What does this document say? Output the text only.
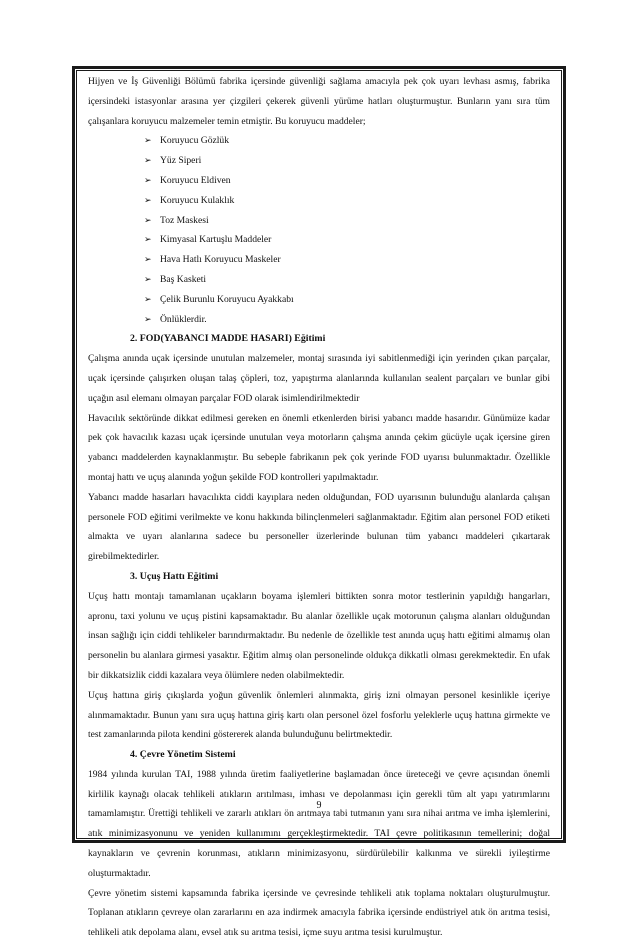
Hijyen ve İş Güvenliği Bölümü fabrika içersinde güvenliği sağlama amacıyla pek çok uyarı levhası asmış, fabrika içersindeki istasyonlar arasına yer çizgileri çekerek güvenli yürüme hatları oluşturmuştur. Bunların yanı sıra tüm çalışanlara koruyucu malzemeler temin etmiştir. Bu koruyucu maddeler;

➢ Koruyucu Gözlük
➢ Yüz Siperi
➢ Koruyucu Eldiven
➢ Koruyucu Kulaklık
➢ Toz Maskesi
➢ Kimyasal Kartuşlu Maddeler
➢ Hava Hatlı Koruyucu Maskeler
➢ Baş Kasketi
➢ Çelik Burunlu Koruyucu Ayakkabı
➢ Önlüklerdir.
2. FOD(YABANCI MADDE HASARI) Eğitimi

Çalışma anında uçak içersinde unutulan malzemeler, montaj sırasında iyi sabitlenmediği için yerinden çıkan parçalar, uçak içersinde çalışırken oluşan talaş çöpleri, toz, yapıştırma alanlarında kullanılan sealent parçaları ve bunlar gibi uçağın asıl elemanı olmayan parçalar FOD olarak isimlendirilmektedir

Havacılık sektöründe dikkat edilmesi gereken en önemli etkenlerden birisi yabancı madde hasarıdır. Günümüze kadar pek çok havacılık kazası uçak içersinde unutulan veya motorların çalışma anında çekim gücüyle uçak içersine giren yabancı maddelerden kaynaklanmıştır. Bu sebeple fabrikanın pek çok yerinde FOD uyarısı bulunmaktadır. Özellikle montaj hattı ve uçuş alanında yoğun şekilde FOD kontrolleri yapılmaktadır.

Yabancı madde hasarları havacılıkta ciddi kayıplara neden olduğundan, FOD uyarısının bulunduğu alanlarda çalışan personele FOD eğitimi verilmekte ve konu hakkında bilinçlenmeleri sağlanmaktadır. Eğitim alan personel FOD etiketi almakta ve uyarı alanlarına sadece bu personeller üzerlerinde bulunan tüm yabancı maddeleri çıkartarak girebilmektedirler.

3. Uçuş Hattı Eğitimi

Uçuş hattı montajı tamamlanan uçakların boyama işlemleri bittikten sonra motor testlerinin yapıldığı hangarları, apronu, taxi yolunu ve uçuş pistini kapsamaktadır. Bu alanlar özellikle uçak motorunun çalışma alanları olduğundan insan sağlığı için ciddi tehlikeler barındırmaktadır. Bu nedenle de özellikle test anında uçuş hattı eğitimi almamış olan personelin bu alanlara girmesi yasaktır. Eğitim almış olan personelinde oldukça dikkatli olması gerekmektedir. En ufak bir dikkatsizlik ciddi kazalara veya ölümlere neden olabilmektedir.

Uçuş hattına giriş çıkışlarda yoğun güvenlik önlemleri alınmakta, giriş izni olmayan personel kesinlikle içeriye alınmamaktadır. Bunun yanı sıra uçuş hattına giriş kartı olan personel özel fosforlu yeleklerle uçuş hattına girmekte ve test zamanlarında pilota kendini göstererek alanda bulunduğunu belirtmektedir.

4. Çevre Yönetim Sistemi

1984 yılında kurulan TAI, 1988 yılında üretim faaliyetlerine başlamadan önce üreteceği ve çevre açısından önemli kirlilik kaynağı olacak tehlikeli atıkların arıtılması, imhası ve depolanması için gerekli tüm alt yapı yatırımlarını tamamlamıştır. Ürettiği tehlikeli ve zararlı atıkları ön arıtmaya tabi tutmanın yanı sıra nihai arıtma ve imha işlemlerini, atık minimizasyonunu ve yeniden kullanımını gerçekleştirmektedir. TAI çevre politikasının temellerini; doğal kaynakların ve çevrenin korunması, atıkların minimizasyonu, sürdürülebilir kalkınma ve sürekli iyileştirme oluşturmaktadır.

Çevre yönetim sistemi kapsamında fabrika içersinde ve çevresinde tehlikeli atık toplama noktaları oluşturulmuştur. Toplanan atıkların çevreye olan zararlarını en aza indirmek amacıyla fabrika içersinde endüstriyel atık ön arıtma tesisi, tehlikeli atık depolama alanı, evsel atık su arıtma tesisi, içme suyu arıtma tesisi kurulmuştur.

9
